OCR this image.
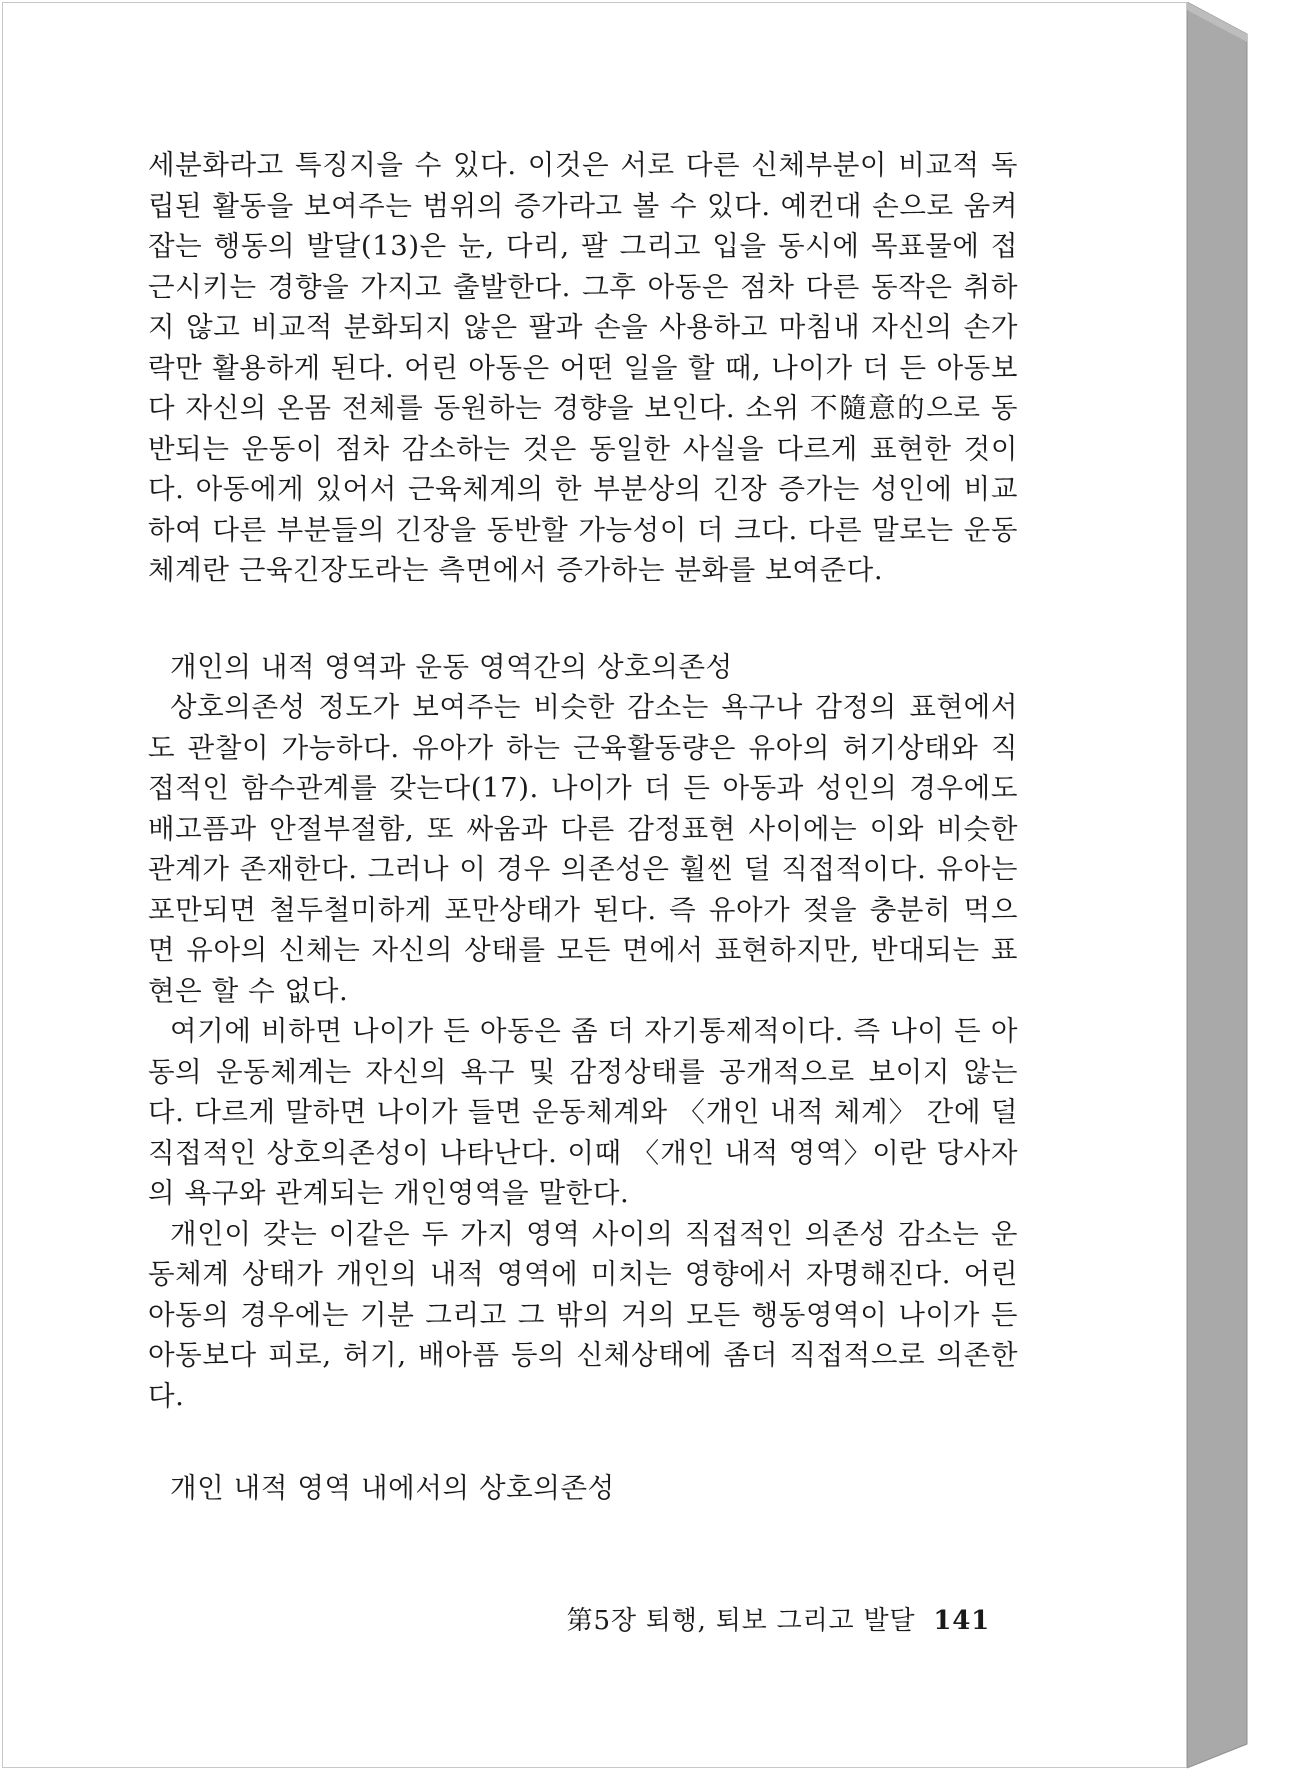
세분화라고 특징지을 수 있다. 이것은 서로 다른 신체부분이 비교적 독립된 활동을 보여주는 범위의 증가라고 볼 수 있다. 예컨대 손으로 움켜잡는 행동의 발달(13)은 눈, 다리, 팔 그리고 입을 동시에 목표물에 접근시키는 경향을 가지고 출발한다. 그후 아동은 점차 다른 동작은 취하지 않고 비교적 분화되지 않은 팔과 손을 사용하고 마침내 자신의 손가락만 활용하게 된다. 어린 아동은 어떤 일을 할 때, 나이가 더 든 아동보다 자신의 온몸 전체를 동원하는 경향을 보인다. 소위 不隨意的으로 동반되는 운동이 점차 감소하는 것은 동일한 사실을 다르게 표현한 것이다. 아동에게 있어서 근육체계의 한 부분상의 긴장 증가는 성인에 비교하여 다른 부분들의 긴장을 동반할 가능성이 더 크다. 다른 말로는 운동체계란 근육긴장도라는 측면에서 증가하는 분화를 보여준다.

개인의 내적 영역과 운동 영역간의 상호의존성

상호의존성 정도가 보여주는 비슷한 감소는 욕구나 감정의 표현에서도 관찰이 가능하다. 유아가 하는 근육활동량은 유아의 허기상태와 직접적인 함수관계를 갖는다(17). 나이가 더 든 아동과 성인의 경우에도 배고픔과 안절부절함, 또 싸움과 다른 감정표현 사이에는 이와 비슷한 관계가 존재한다. 그러나 이 경우 의존성은 훨씬 덜 직접적이다. 유아는 포만되면 철두철미하게 포만상태가 된다. 즉 유아가 젖을 충분히 먹으면 유아의 신체는 자신의 상태를 모든 면에서 표현하지만, 반대되는 표현은 할 수 없다.

여기에 비하면 나이가 든 아동은 좀 더 자기통제적이다. 즉 나이 든 아동의 운동체계는 자신의 욕구 및 감정상태를 공개적으로 보이지 않는다. 다르게 말하면 나이가 들면 운동체계와 〈개인 내적 체계〉 간에 덜 직접적인 상호의존성이 나타난다. 이때 〈개인 내적 영역〉이란 당사자의 욕구와 관계되는 개인영역을 말한다.

개인이 갖는 이같은 두 가지 영역 사이의 직접적인 의존성 감소는 운동체계 상태가 개인의 내적 영역에 미치는 영향에서 자명해진다. 어린 아동의 경우에는 기분 그리고 그 밖의 거의 모든 행동영역이 나이가 든 아동보다 피로, 허기, 배아픔 등의 신체상태에 좀더 직접적으로 의존한다.

개인 내적 영역 내에서의 상호의존성

第5장 퇴행, 퇴보 그리고 발달 141
